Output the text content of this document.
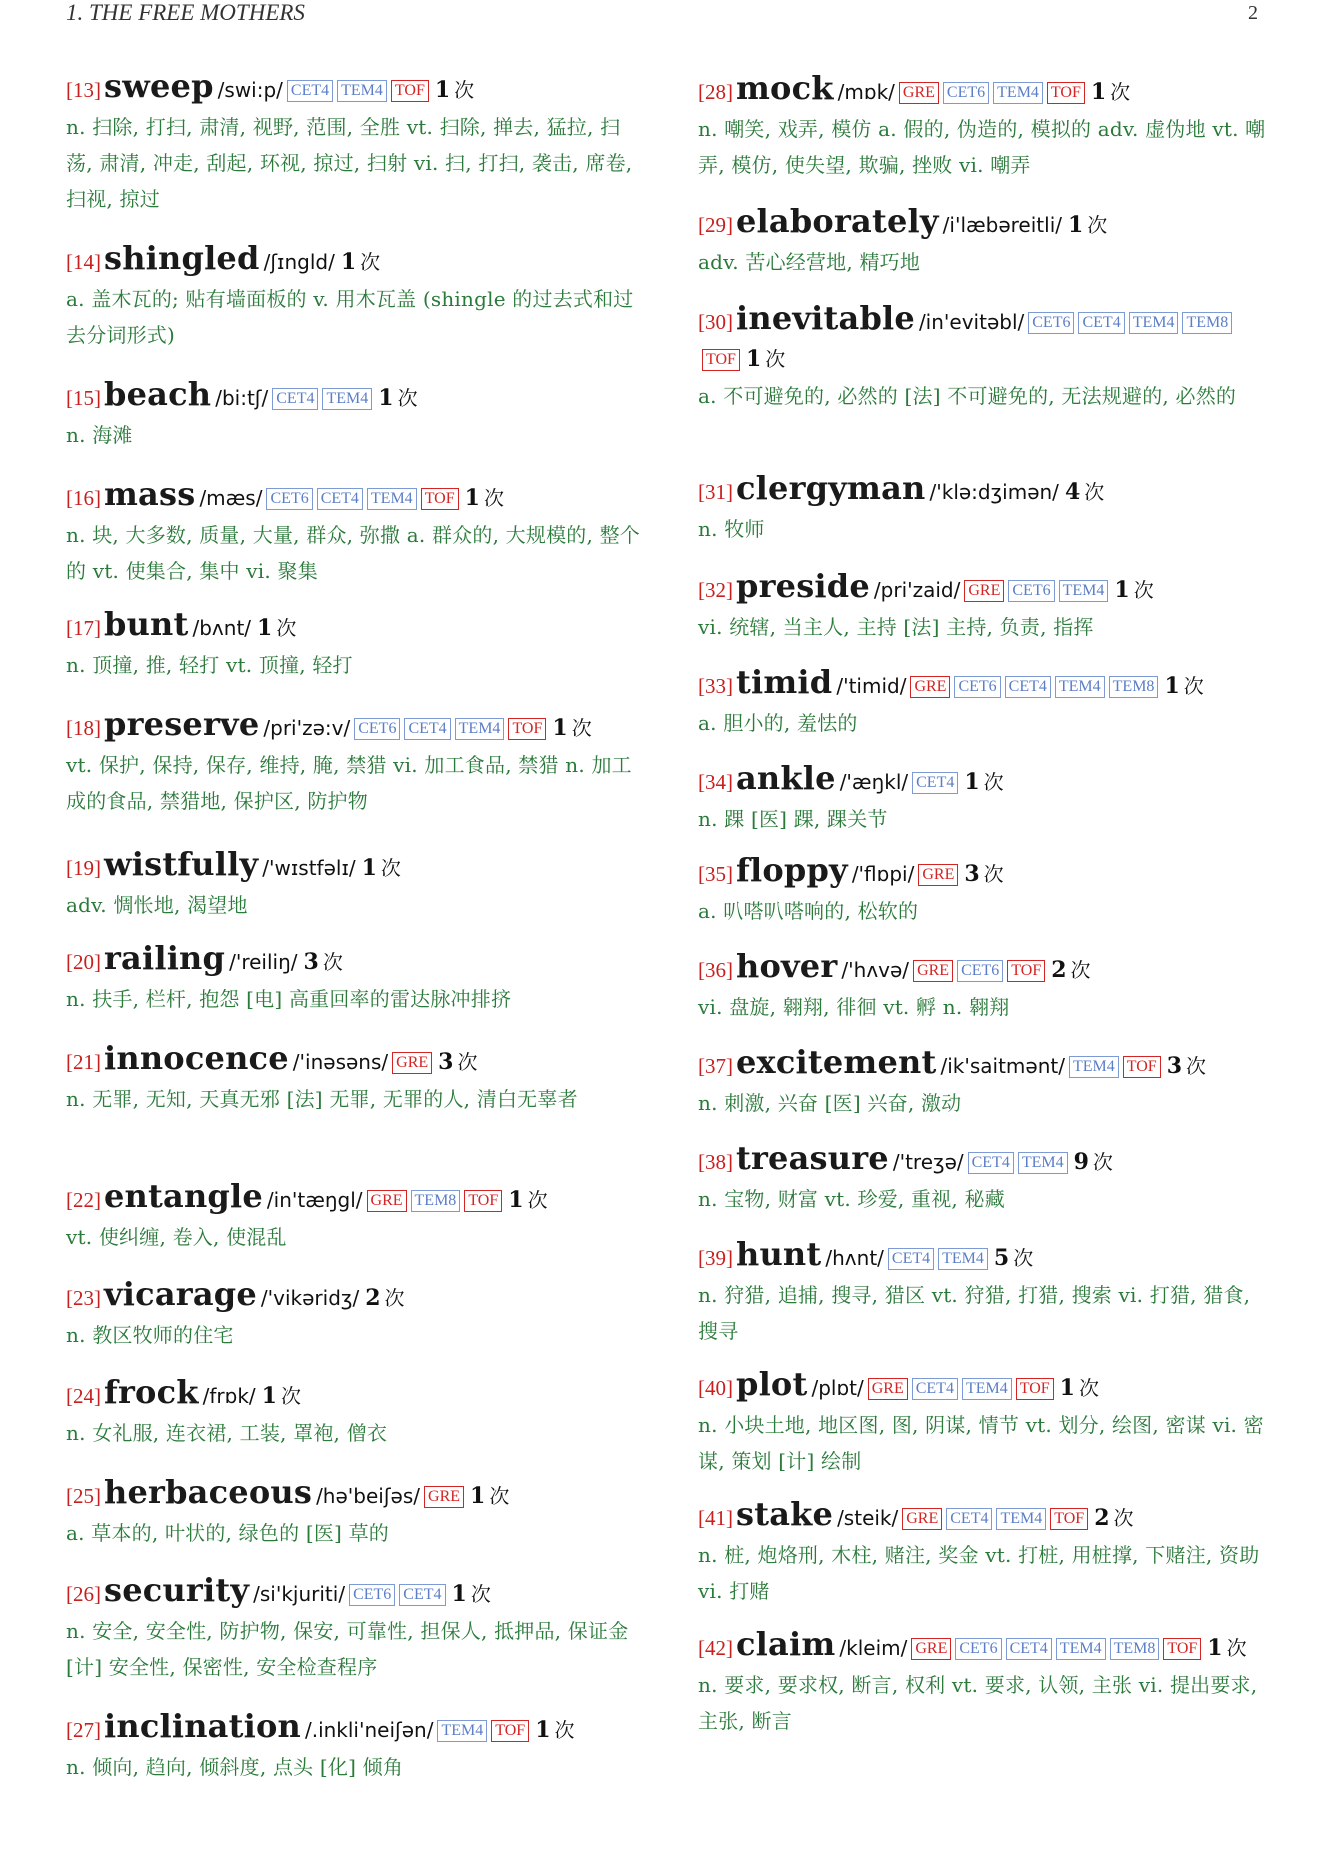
1. THE FREE MOTHERS	2
[13]sweep /swi:p/ CET4 TEM4 TOF 1 次
n. 扫除, 打扫, 肃清, 视野, 范围, 全胜 vt. 扫除, 掸去, 猛拉, 扫荡, 肃清, 冲走, 刮起, 环视, 掠过, 扫射 vi. 扫, 打扫, 袭击, 席卷, 扫视, 掠过
[14]shingled /ʃɪngld/ 1 次
a. 盖木瓦的; 贴有墙面板的 v. 用木瓦盖 (shingle 的过去式和过去分词形式)
[15]beach /bi:tʃ/ CET4 TEM4 1 次
n. 海滩
[16]mass /mæs/ CET6 CET4 TEM4 TOF 1 次
n. 块, 大多数, 质量, 大量, 群众, 弥撒 a. 群众的, 大规模的, 整个的 vt. 使集合, 集中 vi. 聚集
[17]bunt /bʌnt/ 1 次
n. 顶撞, 推, 轻打 vt. 顶撞, 轻打
[18]preserve /pri'zə:v/ CET6 CET4 TEM4 TOF 1 次
vt. 保护, 保持, 保存, 维持, 腌, 禁猎 vi. 加工食品, 禁猎 n. 加工成的食品, 禁猎地, 保护区, 防护物
[19]wistfully /'wɪstfəlɪ/ 1 次
adv. 惆怅地, 渴望地
[20]railing /'reiliŋ/ 3 次
n. 扶手, 栏杆, 抱怨 [电] 高重回率的雷达脉冲排挤
[21]innocence /'inəsəns/ GRE 3 次
n. 无罪, 无知, 天真无邪 [法] 无罪, 无罪的人, 清白无辜者
[22]entangle /in'tæŋgl/ GRE TEM8 TOF 1 次
vt. 使纠缠, 卷入, 使混乱
[23]vicarage /'vikəridʒ/ 2 次
n. 教区牧师的住宅
[24]frock /frɒk/ 1 次
n. 女礼服, 连衣裙, 工装, 罩袍, 僧衣
[25]herbaceous /hə'beiʃəs/ GRE 1 次
a. 草本的, 叶状的, 绿色的 [医] 草的
[26]security /si'kjuriti/ CET6 CET4 1 次
n. 安全, 安全性, 防护物, 保安, 可靠性, 担保人, 抵押品, 保证金 [计] 安全性, 保密性, 安全检查程序
[27]inclination /.inkli'neiʃən/ TEM4 TOF 1 次
n. 倾向, 趋向, 倾斜度, 点头 [化] 倾角
[28]mock /mɒk/ GRE CET6 TEM4 TOF 1 次
n. 嘲笑, 戏弄, 模仿 a. 假的, 伪造的, 模拟的 adv. 虚伪地 vt. 嘲弄, 模仿, 使失望, 欺骗, 挫败 vi. 嘲弄
[29]elaborately /i'læbəreitli/ 1 次
adv. 苦心经营地, 精巧地
[30]inevitable /in'evitəbl/ CET6 CET4 TEM4 TEM8TOF 1 次
a. 不可避免的, 必然的 [法] 不可避免的, 无法规避的, 必然的
[31]clergyman /'klə:dʒimən/ 4 次
n. 牧师
[32]preside /pri'zaid/ GRE CET6 TEM4 1 次
vi. 统辖, 当主人, 主持 [法] 主持, 负责, 指挥
[33]timid /'timid/ GRE CET6 CET4 TEM4 TEM8 1 次
a. 胆小的, 羞怯的
[34]ankle /'æŋkl/ CET4 1 次
n. 踝 [医] 踝, 踝关节
[35]floppy /'flɒpi/ GRE 3 次
a. 叭嗒叭嗒响的, 松软的
[36]hover /'hʌvə/ GRE CET6 TOF 2 次
vi. 盘旋, 翱翔, 徘徊 vt. 孵 n. 翱翔
[37]excitement /ik'saitmənt/ TEM4 TOF 3 次
n. 刺激, 兴奋 [医] 兴奋, 激动
[38]treasure /'treʒə/ CET4 TEM4 9 次
n. 宝物, 财富 vt. 珍爱, 重视, 秘藏
[39]hunt /hʌnt/ CET4 TEM4 5 次
n. 狩猎, 追捕, 搜寻, 猎区 vt. 狩猎, 打猎, 搜索 vi. 打猎, 猎食, 搜寻
[40]plot /plɒt/ GRE CET4 TEM4 TOF 1 次
n. 小块土地, 地区图, 图, 阴谋, 情节 vt. 划分, 绘图, 密谋 vi. 密谋, 策划 [计] 绘制
[41]stake /steik/ GRE CET4 TEM4 TOF 2 次
n. 桩, 炮烙刑, 木柱, 赌注, 奖金 vt. 打桩, 用桩撑, 下赌注, 资助 vi. 打赌
[42]claim /kleim/ GRE CET6 CET4 TEM4 TEM8 TOF 1 次
n. 要求, 要求权, 断言, 权利 vt. 要求, 认领, 主张 vi. 提出要求, 主张, 断言
